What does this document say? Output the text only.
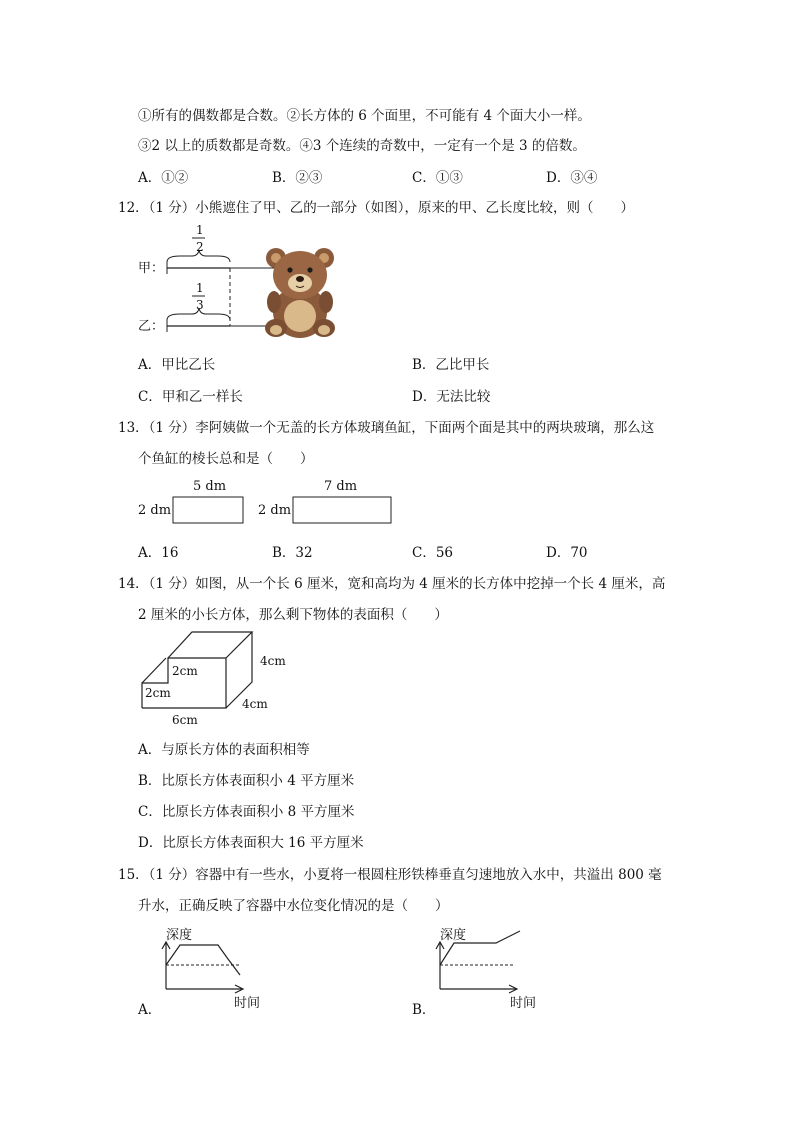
①所有的偶数都是合数。②长方体的 6 个面里，不可能有 4 个面大小一样。
③2 以上的质数都是奇数。④3 个连续的奇数中，一定有一个是 3 的倍数。
A．①②	B．②③	C．①③	D．③④
12．（1 分）小熊遮住了甲、乙的一部分（如图），原来的甲、乙长度比较，则（　　）
甲：
1
2
乙：
1
3
A．甲比乙长	B．乙比甲长
C．甲和乙一样长	D．无法比较
13．（1 分）李阿姨做一个无盖的长方体玻璃鱼缸，下面两个面是其中的两块玻璃，那么这
个鱼缸的棱长总和是（　　）
5 dm
2 dm
7 dm
2 dm
A．16	B．32	C．56	D．70
14．（1 分）如图，从一个长 6 厘米，宽和高均为 4 厘米的长方体中挖掉一个长 4 厘米，高
2 厘米的小长方体，那么剩下物体的表面积（　　）
2cm
2cm
4cm
4cm
6cm
A．与原长方体的表面积相等
B．比原长方体表面积小 4 平方厘米
C．比原长方体表面积小 8 平方厘米
D．比原长方体表面积大 16 平方厘米
15．（1 分）容器中有一些水，小夏将一根圆柱形铁棒垂直匀速地放入水中，共溢出 800 毫
升水，正确反映了容器中水位变化情况的是（　　）
深度
时间
A．
深度
时间
B．
